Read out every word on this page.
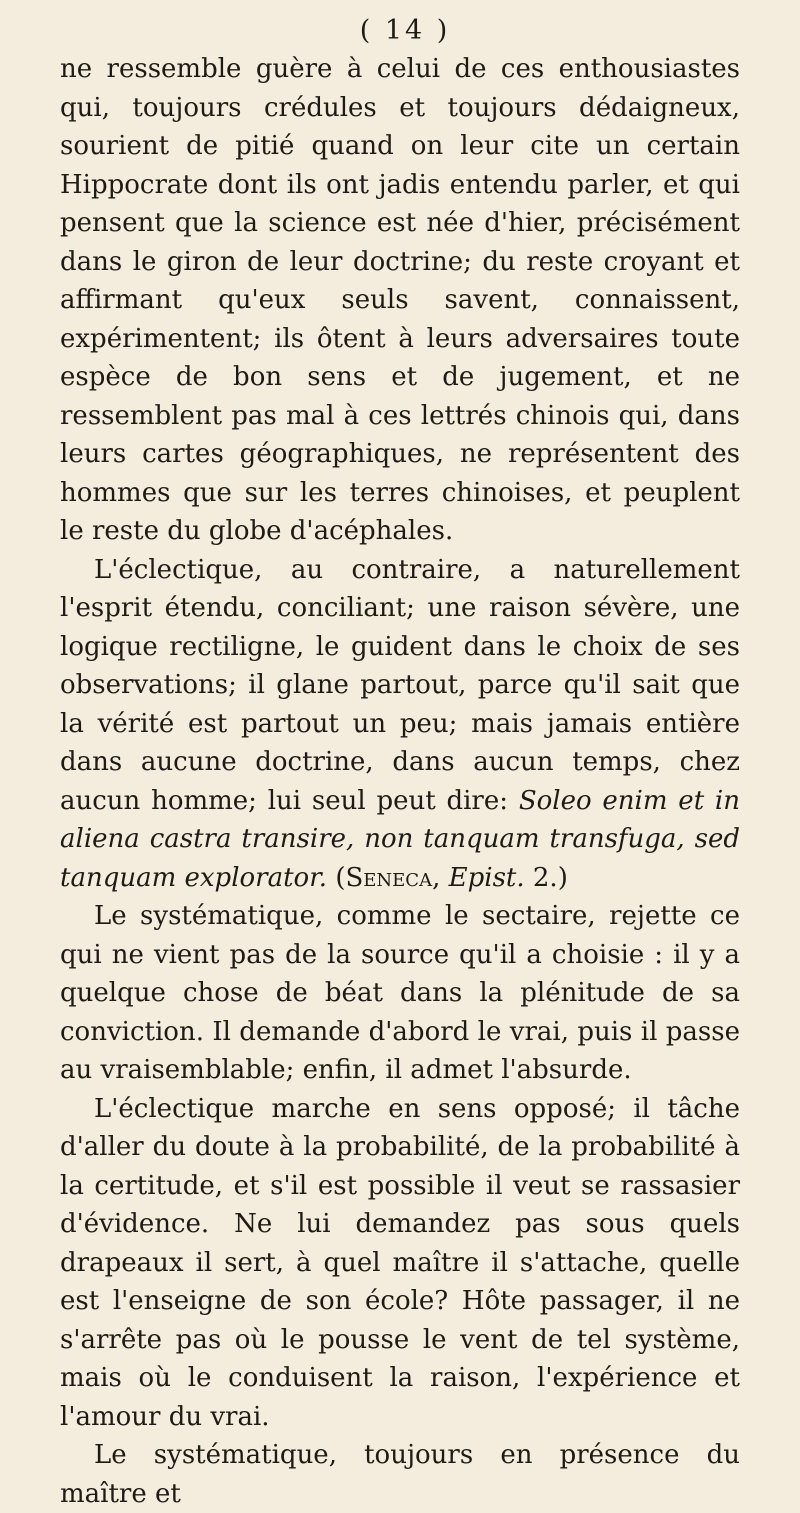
( 14 )

ne ressemble guère à celui de ces enthousiastes qui, toujours crédules et toujours dédaigneux, sourient de pitié quand on leur cite un certain Hippocrate dont ils ont jadis entendu parler, et qui pensent que la science est née d'hier, précisément dans le giron de leur doctrine; du reste croyant et affirmant qu'eux seuls savent, connaissent, expérimentent; ils ôtent à leurs adversaires toute espèce de bon sens et de jugement, et ne ressemblent pas mal à ces lettrés chinois qui, dans leurs cartes géographiques, ne représentent des hommes que sur les terres chinoises, et peuplent le reste du globe d'acéphales.

L'éclectique, au contraire, a naturellement l'esprit étendu, conciliant; une raison sévère, une logique rectiligne, le guident dans le choix de ses observations; il glane partout, parce qu'il sait que la vérité est partout un peu; mais jamais entière dans aucune doctrine, dans aucun temps, chez aucun homme; lui seul peut dire: Soleo enim et in aliena castra transire, non tanquam transfuga, sed tanquam explorator. (Seneca, Epist. 2.)

Le systématique, comme le sectaire, rejette ce qui ne vient pas de la source qu'il a choisie : il y a quelque chose de béat dans la plénitude de sa conviction. Il demande d'abord le vrai, puis il passe au vraisemblable; enfin, il admet l'absurde.

L'éclectique marche en sens opposé; il tâche d'aller du doute à la probabilité, de la probabilité à la certitude, et s'il est possible il veut se rassasier d'évidence. Ne lui demandez pas sous quels drapeaux il sert, à quel maître il s'attache, quelle est l'enseigne de son école? Hôte passager, il ne s'arrête pas où le pousse le vent de tel système, mais où le conduisent la raison, l'expérience et l'amour du vrai.

Le systématique, toujours en présence du maître et
